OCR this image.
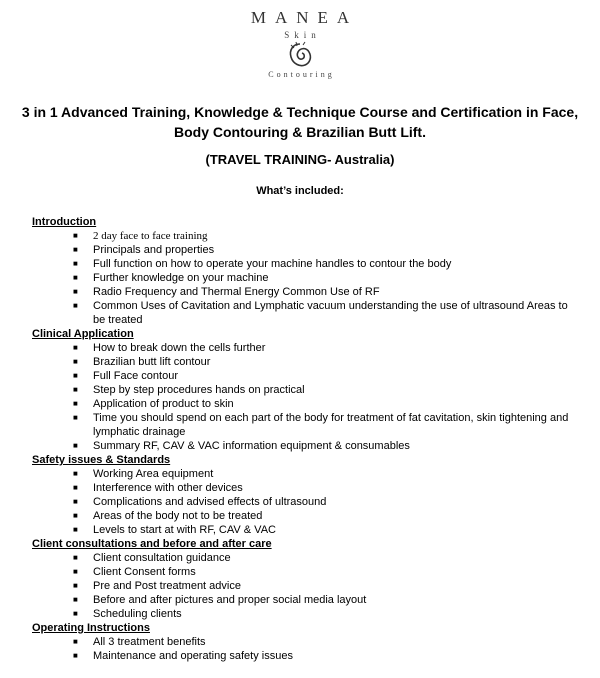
MANEA
Skin
Contouring
3 in 1 Advanced Training, Knowledge & Technique Course and Certification in Face, Body Contouring & Brazilian Butt Lift.
(TRAVEL TRAINING- Australia)
What’s included:
Introduction
■ 2 day face to face training
■ Principals and properties
■ Full function on how to operate your machine handles to contour the body
■ Further knowledge on your machine
■ Radio Frequency and Thermal Energy Common Use of RF
■ Common Uses of Cavitation and Lymphatic vacuum understanding the use of ultrasound Areas to be treated
Clinical Application
■ How to break down the cells further
■ Brazilian butt lift contour
■ Full Face contour
■ Step by step procedures hands on practical
■ Application of product to skin
■ Time you should spend on each part of the body for treatment of fat cavitation, skin tightening and lymphatic drainage
■ Summary RF, CAV & VAC information equipment & consumables
Safety issues & Standards
■ Working Area equipment
■ Interference with other devices
■ Complications and advised effects of ultrasound
■ Areas of the body not to be treated
■ Levels to start at with RF, CAV & VAC
Client consultations and before and after care
■ Client consultation guidance
■ Client Consent forms
■ Pre and Post treatment advice
■ Before and after pictures and proper social media layout
■ Scheduling clients
Operating Instructions
■ All 3 treatment benefits
■ Maintenance and operating safety issues
